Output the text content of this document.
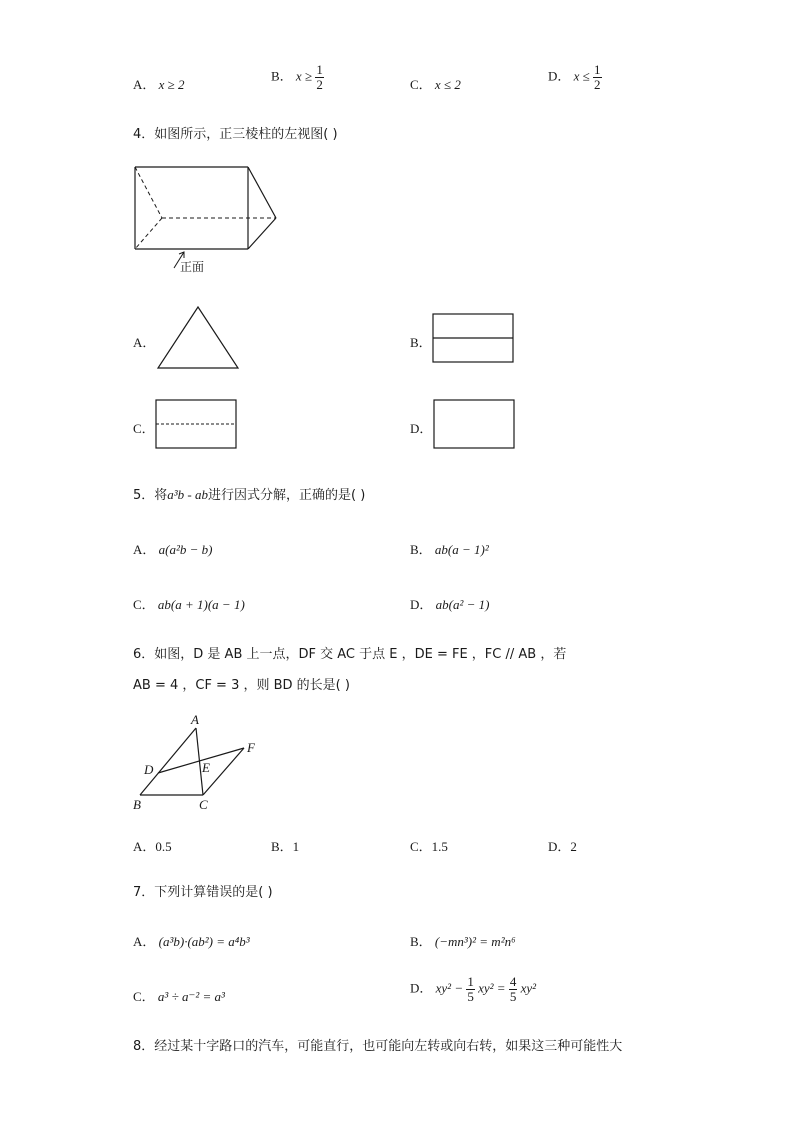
A． x ≥ 2
B． $x \ge \frac{1}{2}$	C． x ≤ 2
D． $x \le \frac{1}{2}$
4．如图所示，正三棱柱的左视图( )
正面
A．	B．
C．	D．
5．将a³b - ab进行因式分解，正确的是( )
A． a(a²b − b)	B． ab(a − 1)²
C． ab(a + 1)(a − 1)	D． ab(a² − 1)
6．如图，D 是 AB 上一点，DF 交 AC 于点 E ，DE = FE ，FC // AB ，若
AB = 4 ，CF = 3 ，则 BD 的长是( )
A
B	C
D	E
F
A．0.5	B．1	C．1.5	D．2
7．下列计算错误的是( )
A． (a³b)·(ab²) = a⁴b³	B． (−mn³)² = m²n⁶
C． a³ ÷ a⁻² = a³
D． $xy^2 - \frac{1}{5} xy^2 = \frac{4}{5} xy^2$
8．经过某十字路口的汽车，可能直行，也可能向左转或向右转，如果这三种可能性大
